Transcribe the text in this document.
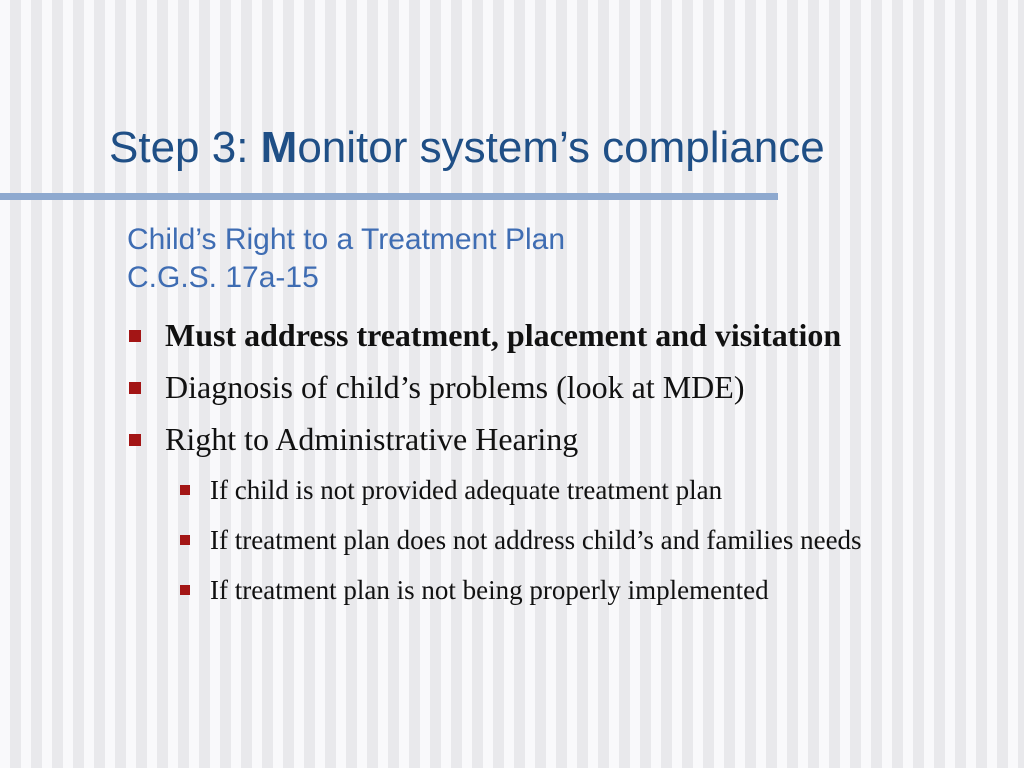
Step 3: Monitor system’s compliance
Child’s Right to a Treatment Plan
C.G.S. 17a-15
Must address treatment, placement and visitation
Diagnosis of child’s problems (look at MDE)
Right to Administrative Hearing
If child is not provided adequate treatment plan
If treatment plan does not address child’s and families needs
If treatment plan is not being properly implemented
